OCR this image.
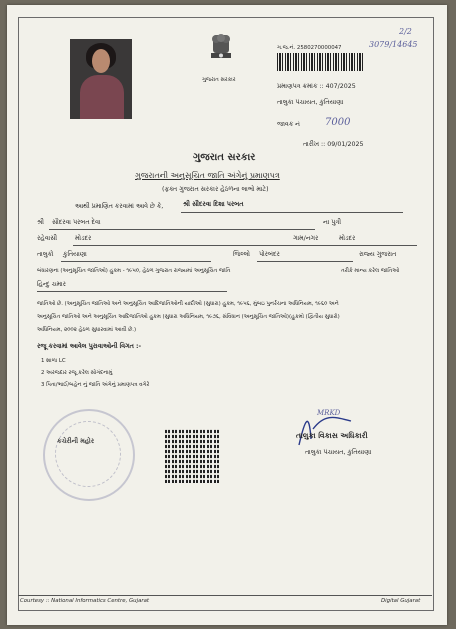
2/2
3079/14645
ગુજરાત સરકાર
ગ.જ.નં. 2580270000047
પ્રમાણપત્ર ક્રમાંક :: 407/2025
તાલુકા પંચાયત, કુતિયાણા
જાવક નં	7000
તારીખ :: 09/01/2025
ગુજરાત સરકાર
ગુજરાતની અનુસૂચિત જાતિ અંગેનું પ્રમાણપત્ર
(ફક્ત ગુજરાત સરકાર હેઠળના લાભો માટે)
આથી પ્રમાણિત કરવામાં આવે છે કે,	શ્રી સૌંદરવા દિશા પરબત
શ્રી સૌંદરવા પરબત દેવા	ના પુત્રી
રહેવાસી	મોડદર	ગામ/નગર	મોડદર
તાલુકો કુતિયાણા	જિલ્લો પોરબંદર	રાજ્ય ગુજરાત
બંધારણના (અનુસૂચિત જાતિઓ) હુકમ - ૧૯૫૦, હેઠળ ગુજરાત રાજ્યમાં અનુસૂચિત જાતિ	તરીકે માન્ય કરેલ જાતિઓ
હિન્દુ ચમાર
જાતિઓ છે. (અનુસૂચિત જાતિઓ અને અનુસૂચિત આદિજાતિઓની યાદીઓ (સુધારા) હુકમ, ૧૯૫૬, મુંબઇ પુનર્રચના અધિનિયમ, ૧૯૬૦ અને
અનુસૂચિત જાતિઓ અને અનુસૂચિત આદિજાતિઓ હુકમ (સુધારા અધિનિયમ, ૧૯૭૬, સંવિધાન (અનુસૂચિત જાતિઓ)(હુકમો (દ્વિતીય સુધારો)
અધિનિયમ, ૨૦૦૨ હેઠળ સુધારવામાં આવી છે.)
રજૂ કરવામાં આવેલ પુરાવાઓની વિગત :-
1 શાળા LC
2 અરજદાર રજૂ કરેલ સોગંદનામું
3 પિતા/ભાઈ/બહેન નું જાતિ અંગેનું પ્રમાણપત્ર વગેરે
કચેરીની મહોર
MRKD
તાલુકા વિકાસ અધિકારી
તાલુકા પંચાયત, કુતિયાણા
Courtesy :: National Informatics Centre, Gujarat	Digital Gujarat
